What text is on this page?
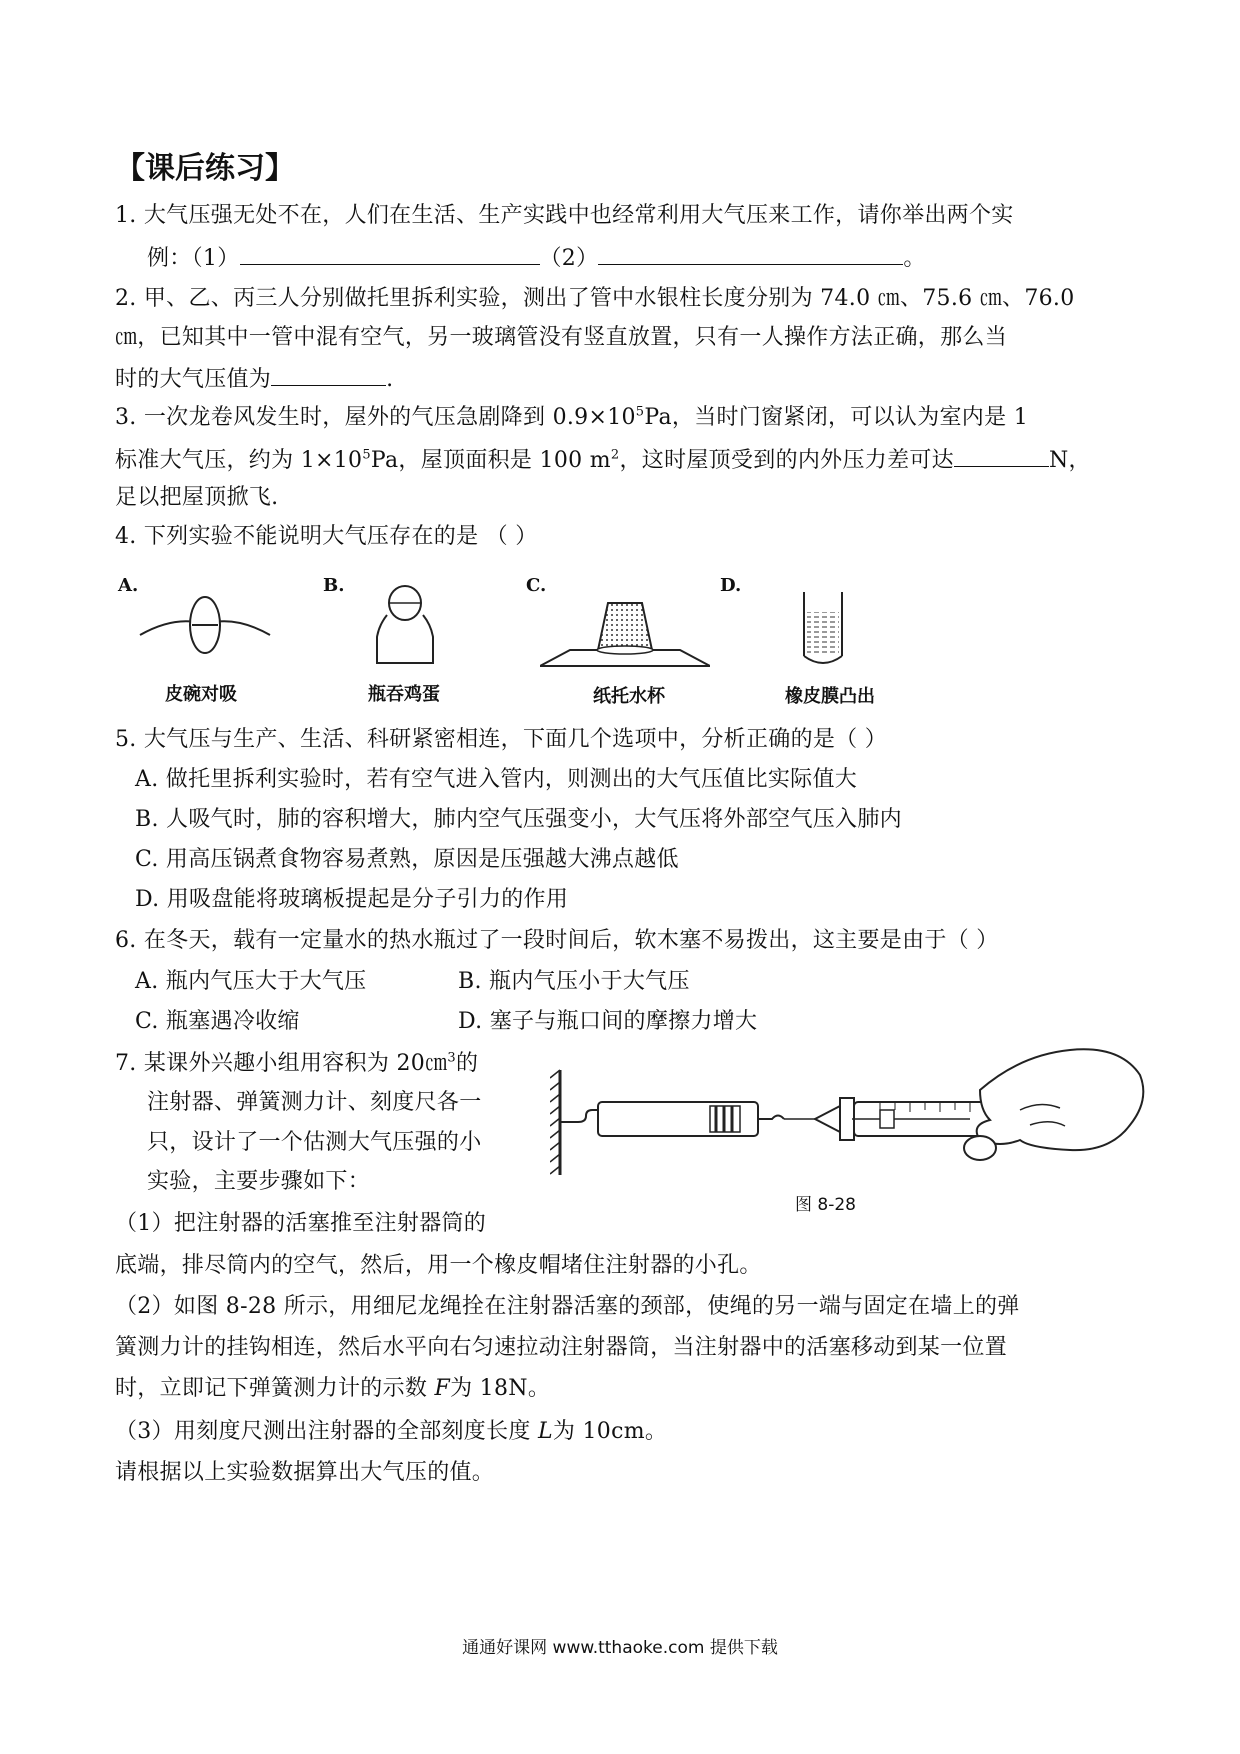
【课后练习】
1. 大气压强无处不在，人们在生活、生产实践中也经常利用大气压来工作，请你举出两个实
例：（1）	（2）	。
2. 甲、乙、丙三人分别做托里拆利实验，测出了管中水银柱长度分别为 74.0 ㎝、75.6 ㎝、76.0
㎝，已知其中一管中混有空气，另一玻璃管没有竖直放置，只有一人操作方法正确，那么当
时的大气压值为	.
3. 一次龙卷风发生时，屋外的气压急剧降到 $0.9\times 10^5Pa$，当时门窗紧闭，可以认为室内是 1
标准大气压，约为 $1\times 10^5Pa$，屋顶面积是 100 $m^2$，这时屋顶受到的内外压力差可达	N，
足以把屋顶掀飞.
4. 下列实验不能说明大气压存在的是 （ ）
A.
皮碗对吸
B.
瓶吞鸡蛋
C.
纸托水杯
D.
橡皮膜凸出
5. 大气压与生产、生活、科研紧密相连，下面几个选项中，分析正确的是（ ）
A. 做托里拆利实验时，若有空气进入管内，则测出的大气压值比实际值大
B. 人吸气时，肺的容积增大，肺内空气压强变小，大气压将外部空气压入肺内
C. 用高压锅煮食物容易煮熟，原因是压强越大沸点越低
D. 用吸盘能将玻璃板提起是分子引力的作用
6. 在冬天，载有一定量水的热水瓶过了一段时间后，软木塞不易拨出，这主要是由于（ ）
A. 瓶内气压大于大气压	B. 瓶内气压小于大气压
C. 瓶塞遇冷收缩	D. 塞子与瓶口间的摩擦力增大
7. 某课外兴趣小组用容积为 20㎝$^3$的
注射器、弹簧测力计、刻度尺各一
只，设计了一个估测大气压强的小
实验，主要步骤如下：
图 8-28
（1）把注射器的活塞推至注射器筒的
底端，排尽筒内的空气，然后，用一个橡皮帽堵住注射器的小孔。
（2）如图 8-28 所示，用细尼龙绳拴在注射器活塞的颈部，使绳的另一端与固定在墙上的弹
簧测力计的挂钩相连，然后水平向右匀速拉动注射器筒，当注射器中的活塞移动到某一位置
时，立即记下弹簧测力计的示数 F为 18N。
（3）用刻度尺测出注射器的全部刻度长度 L为 10cm。
请根据以上实验数据算出大气压的值。
通通好课网 www.tthaoke.com 提供下载
